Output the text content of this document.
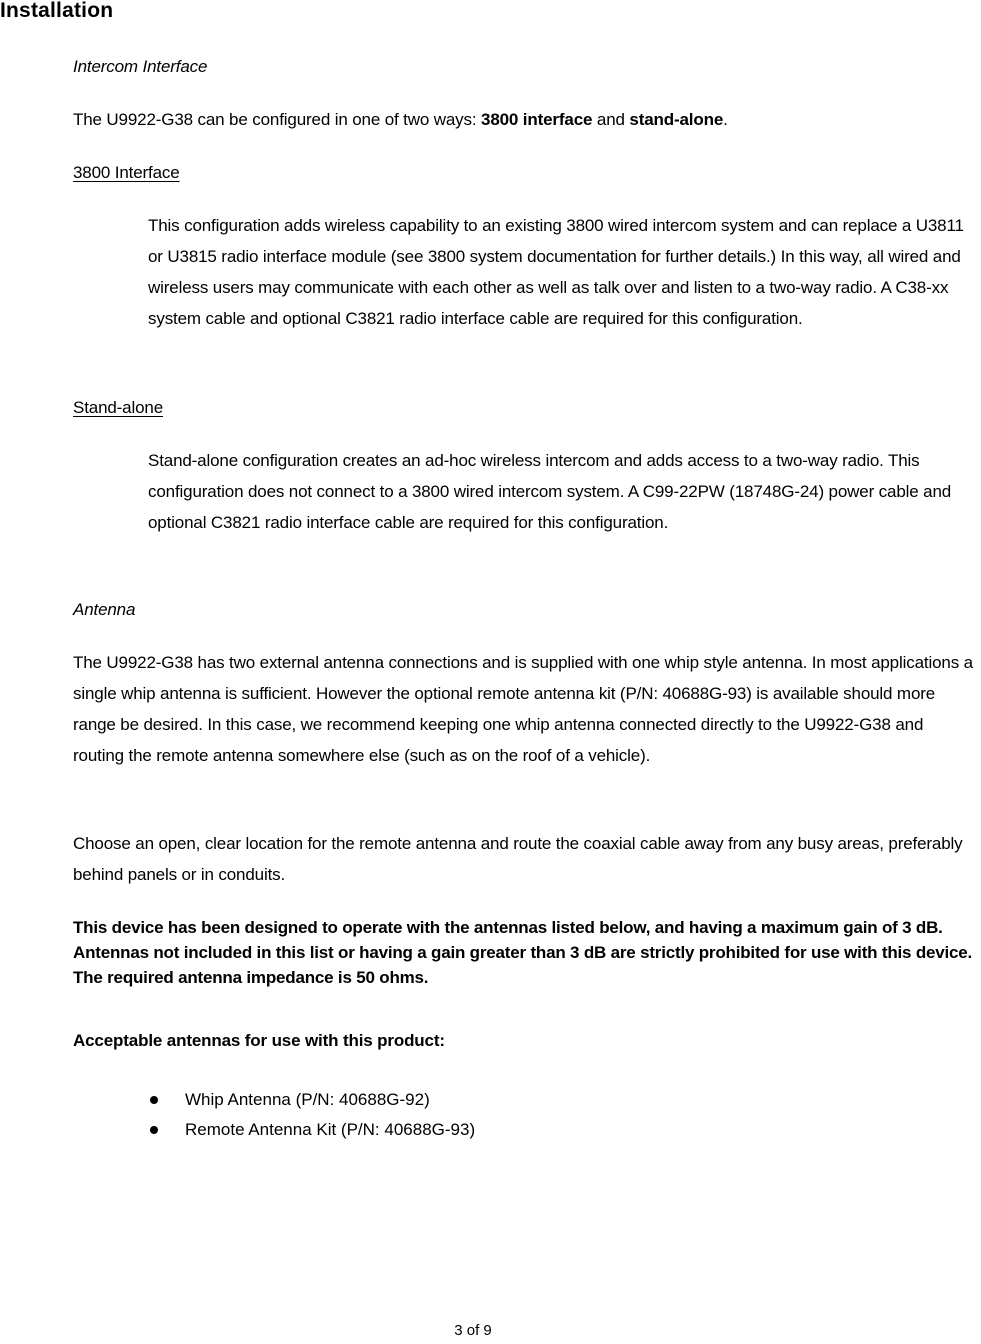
Installation

Intercom Interface

The U9922-G38 can be configured in one of two ways: 3800 interface and stand-alone.

3800 Interface

This configuration adds wireless capability to an existing 3800 wired intercom system and can replace a U3811 or U3815 radio interface module (see 3800 system documentation for further details.) In this way, all wired and wireless users may communicate with each other as well as talk over and listen to a two-way radio. A C38-xx system cable and optional C3821 radio interface cable are required for this configuration.

Stand-alone

Stand-alone configuration creates an ad-hoc wireless intercom and adds access to a two-way radio. This configuration does not connect to a 3800 wired intercom system. A C99-22PW (18748G-24) power cable and optional C3821 radio interface cable are required for this configuration.

Antenna

The U9922-G38 has two external antenna connections and is supplied with one whip style antenna. In most applications a single whip antenna is sufficient. However the optional remote antenna kit (P/N: 40688G-93) is available should more range be desired. In this case, we recommend keeping one whip antenna connected directly to the U9922-G38 and routing the remote antenna somewhere else (such as on the roof of a vehicle).

Choose an open, clear location for the remote antenna and route the coaxial cable away from any busy areas, preferably behind panels or in conduits.

This device has been designed to operate with the antennas listed below, and having a maximum gain of 3 dB. Antennas not included in this list or having a gain greater than 3 dB are strictly prohibited for use with this device. The required antenna impedance is 50 ohms.

Acceptable antennas for use with this product:

Whip Antenna (P/N: 40688G-92)
Remote Antenna Kit (P/N: 40688G-93)

3 of 9
